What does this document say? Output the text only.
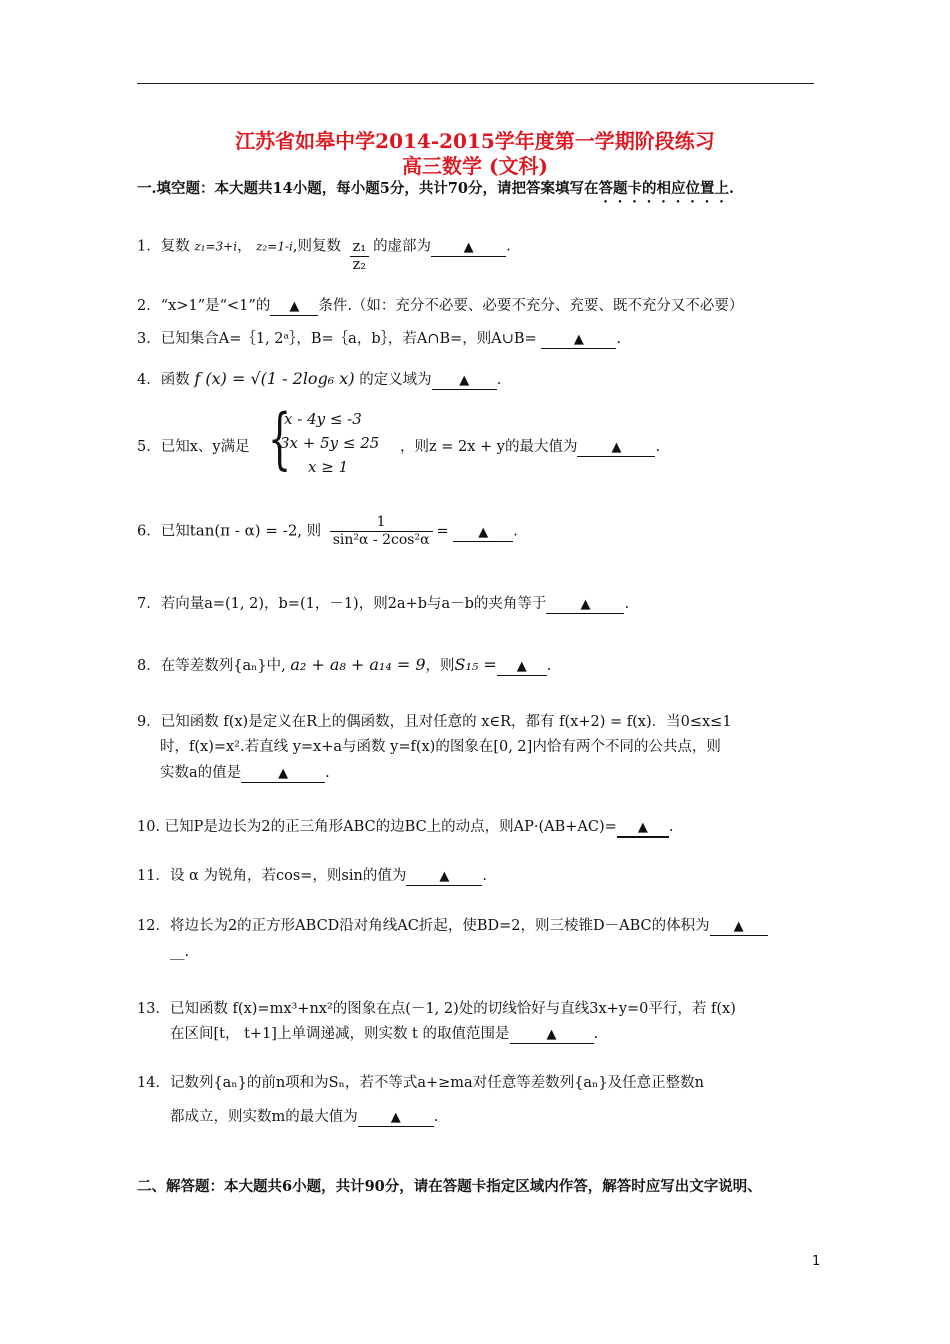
江苏省如皋中学2014-2015学年度第一学期阶段练习
高三数学 (文科)
一.填空题：本大题共14小题，每小题5分，共计70分，请把答案填写在答题卡的相应位置上.
1．复数 z₁=3+i， z₂=1-i,则复数 $\frac{\text{z₁}}{\text{z₂}}$ 的虚部为	▲ .
2．“x>1”是“<1”的 ▲ 条件.（如：充分不必要、必要不充分、充要、既不充分又不必要）
3．已知集合A=｛1, 2ᵃ｝，B=｛a，b｝，若A∩B=，则A∪B=	▲ .
4．函数 f (x) = √(1 - 2log₆ x) 的定义域为 ▲ .
5．已知x、y满足 {
x - 4y ≤ -3
3x + 5y ≤ 25
x ≥ 1
，则z = 2x + y的最大值为	▲ .
6．已知tan(π - α) = -2, 则 $\frac{1}{\text{sin²α - 2cos²α}}$ = ▲ .
7．若向量a=(1, 2)，b=(1，－1)，则2a+b与a－b的夹角等于	▲ .
8．在等差数列{aₙ}中, a₂ + a₈ + a₁₄ = 9，则S₁₅ = ▲ .
9．已知函数 f(x)是定义在R上的偶函数，且对任意的 x∈R，都有 f(x+2) = f(x)．当0≤x≤1
时，f(x)=x².若直线 y=x+a与函数 y=f(x)的图象在[0, 2]内恰有两个不同的公共点，则
实数a的值是	▲	.
10. 已知P是边长为2的正三角形ABC的边BC上的动点，则AP·(AB+AC)= ▲ .
11．设 α 为锐角，若cos=，则sin的值为	▲ .
12．将边长为2的正方形ABCD沿对角线AC折起，使BD=2，则三棱锥D－ABC的体积为 ▲
__.
13．已知函数 f(x)=mx³+nx²的图象在点(－1, 2)处的切线恰好与直线3x+y=0平行，若 f(x)
在区间[t， t+1]上单调递减，则实数 t 的取值范围是	▲	.
14．记数列{aₙ}的前n项和为Sₙ，若不等式a+≥ma对任意等差数列{aₙ}及任意正整数n
都成立，则实数m的最大值为	▲ .
二、解答题：本大题共6小题，共计90分，请在答题卡指定区域内作答，解答时应写出文字说明、
1
